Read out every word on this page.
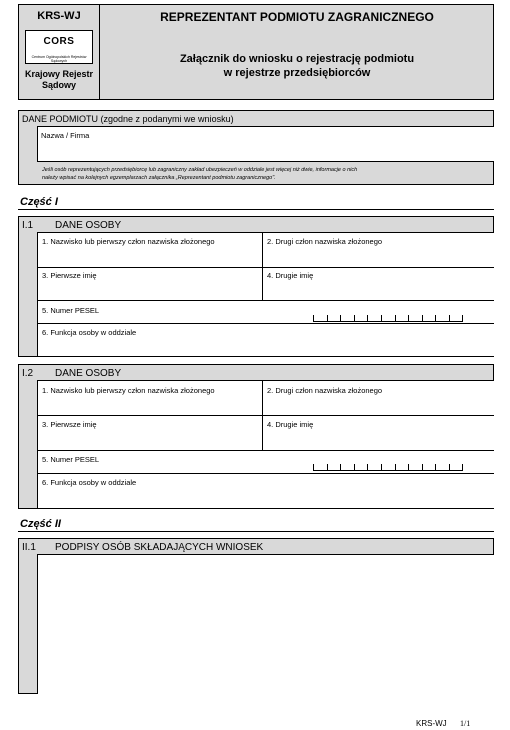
KRS-WJ
CORS
Centrum Ogólnopolskich Rejestrów Sądowych
Krajowy Rejestr
Sądowy
REPREZENTANT PODMIOTU ZAGRANICZNEGO
Załącznik do wniosku o rejestrację podmiotu
w rejestrze przedsiębiorców
DANE PODMIOTU (zgodne z podanymi we wniosku)
Nazwa / Firma
Jeśli osób reprezentujących przedsiębiorcę lub zagraniczny zakład ubezpieczeń w oddziale jest więcej niż dwie, informacje o nich
należy wpisać na kolejnych egzemplarzach załącznika „Reprezentant podmiotu zagranicznego".
Część I
I.1 DANE OSOBY
1. Nazwisko lub pierwszy człon nazwiska złożonego	2. Drugi człon nazwiska złożonego
3. Pierwsze imię	4. Drugie imię
5. Numer PESEL
6. Funkcja osoby w oddziale
I.2 DANE OSOBY
1. Nazwisko lub pierwszy człon nazwiska złożonego	2. Drugi człon nazwiska złożonego
3. Pierwsze imię	4. Drugie imię
5. Numer PESEL
6. Funkcja osoby w oddziale
Część II
II.1 PODPISY OSÓB SKŁADAJĄCYCH WNIOSEK
KRS-WJ 1/1
